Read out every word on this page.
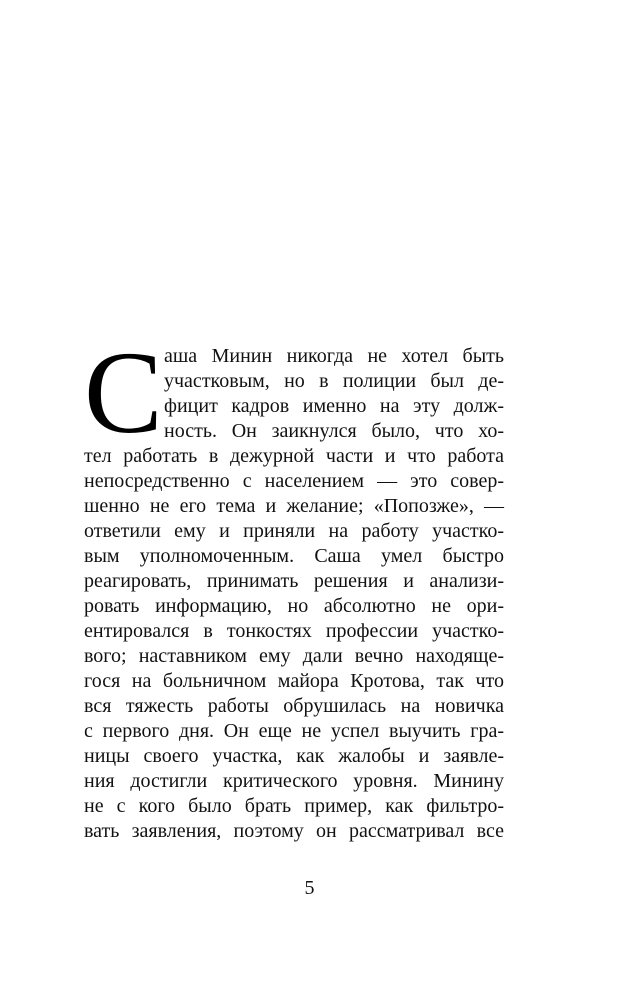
С аша Минин никогда не хотел быть
участковым, но в полиции был де-
фицит кадров именно на эту долж-
ность. Он заикнулся было, что хо-
тел работать в дежурной части и что работа
непосредственно с населением — это совер-
шенно не его тема и желание; «Попозже», —
ответили ему и приняли на работу участко-
вым уполномоченным. Саша умел быстро
реагировать, принимать решения и анализи-
ровать информацию, но абсолютно не ори-
ентировался в тонкостях профессии участко-
вого; наставником ему дали вечно находяще-
гося на больничном майора Кротова, так что
вся тяжесть работы обрушилась на новичка
с первого дня. Он еще не успел выучить гра-
ницы своего участка, как жалобы и заявле-
ния достигли критического уровня. Минину
не с кого было брать пример, как фильтро-
вать заявления, поэтому он рассматривал все
5
